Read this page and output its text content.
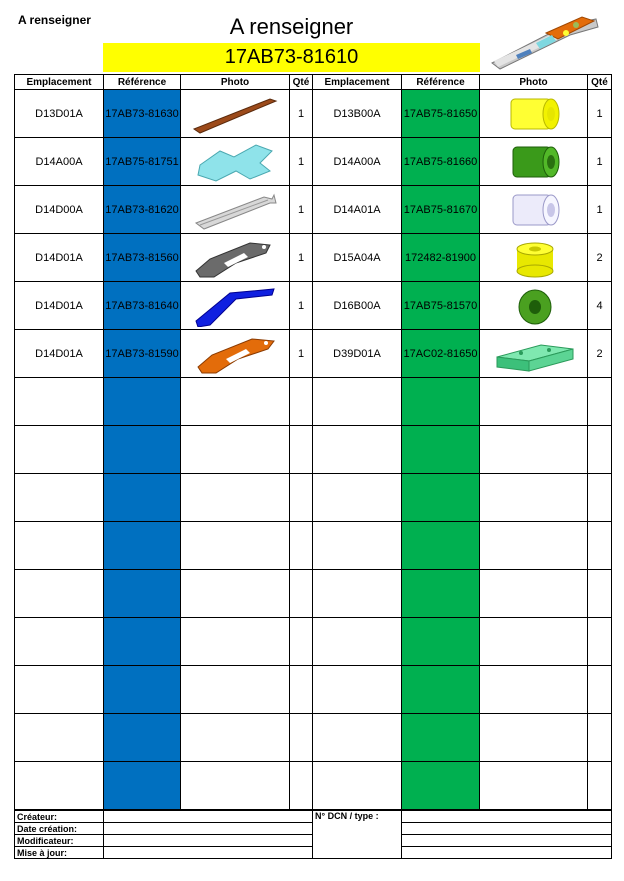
A renseigner	A renseigner
17AB73-81610
Emplacement	Référence	Photo	Qté	Emplacement	Référence	Photo	Qté
D13D01A	17AB73-81630		1	D13B00A	17AB75-81650		1
D14A00A	17AB75-81751		1	D14A00A	17AB75-81660		1
D14D00A	17AB73-81620		1	D14A01A	17AB75-81670		1
D14D01A	17AB73-81560		1	D15A04A	172482-81900		2
D14D01A	17AB73-81640		1	D16B00A	17AB75-81570		4
D14D01A	17AB73-81590		1	D39D01A	17AC02-81650		2

Créateur:		N° DCN / type :	
Date création:			
Modificateur:			
Mise à jour:			
